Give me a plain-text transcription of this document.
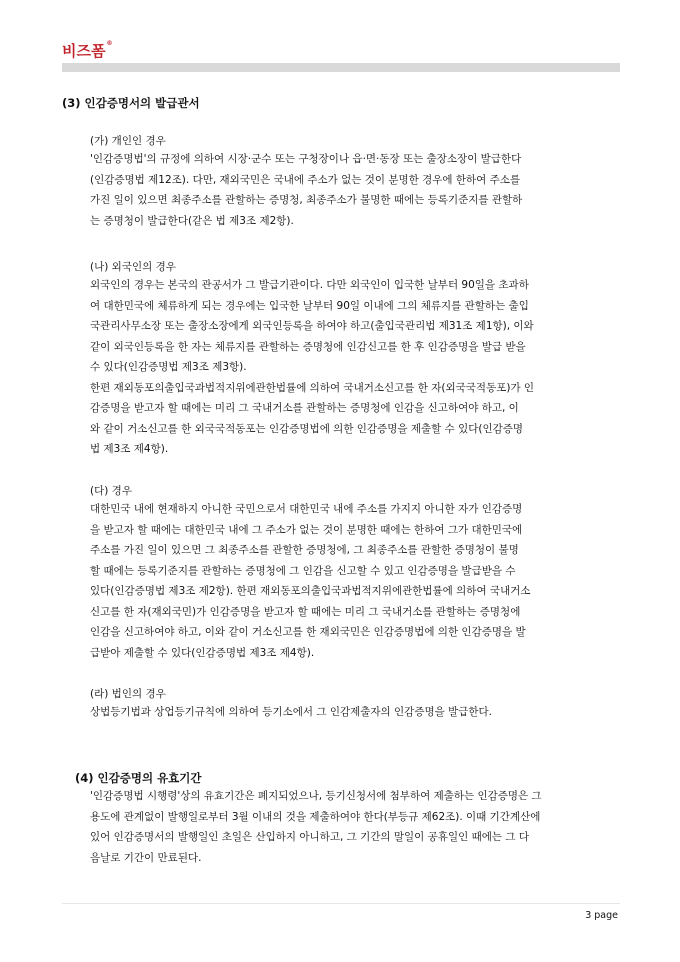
비즈폼®
(3) 인감증명서의 발급관서
(가) 개인인 경우
'인감증명법'의 규정에 의하여 시장·군수 또는 구청장이나 읍·면·동장 또는 출장소장이 발급한다
(인감증명법 제12조). 다만, 재외국민은 국내에 주소가 없는 것이 분명한 경우에 한하여 주소를
가진 일이 있으면 최종주소를 관할하는 증명청, 최종주소가 불명한 때에는 등록기준지를 관할하
는 증명청이 발급한다(같은 법 제3조 제2항).
(나) 외국인의 경우
외국인의 경우는 본국의 관공서가 그 발급기관이다. 다만 외국인이 입국한 날부터 90일을 초과하
여 대한민국에 체류하게 되는 경우에는 입국한 날부터 90일 이내에 그의 체류지를 관할하는 출입
국관리사무소장 또는 출장소장에게 외국인등록을 하여야 하고(출입국관리법 제31조 제1항), 이와
같이 외국인등록을 한 자는 체류지를 관할하는 증명청에 인감신고를 한 후 인감증명을 발급 받을
수 있다(인감증명법 제3조 제3항).
한편 재외동포의출입국과법적지위에관한법률에 의하여 국내거소신고를 한 자(외국국적동포)가 인
감증명을 받고자 할 때에는 미리 그 국내거소를 관할하는 증명청에 인감을 신고하여야 하고, 이
와 같이 거소신고를 한 외국국적동포는 인감증명법에 의한 인감증명을 제출할 수 있다(인감증명
법 제3조 제4항).
(다) 경우
대한민국 내에 현재하지 아니한 국민으로서 대한민국 내에 주소를 가지지 아니한 자가 인감증명
을 받고자 할 때에는 대한민국 내에 그 주소가 없는 것이 분명한 때에는 한하여 그가 대한민국에
주소를 가진 일이 있으면 그 최종주소를 관할한 증명청에, 그 최종주소를 관할한 증명청이 불명
할 때에는 등록기준지를 관할하는 증명청에 그 인감을 신고할 수 있고 인감증명을 발급받을 수
있다(인감증명법 제3조 제2항). 한편 재외동포의출입국과법적지위에관한법률에 의하여 국내거소
신고를 한 자(재외국민)가 인감증명을 받고자 할 때에는 미리 그 국내거소를 관할하는 증명청에
인감을 신고하여야 하고, 이와 같이 거소신고를 한 재외국민은 인감증명법에 의한 인감증명을 발
급받아 제출할 수 있다(인감증명법 제3조 제4항).
(라) 법인의 경우
상법등기법과 상업등기규칙에 의하여 등기소에서 그 인감제출자의 인감증명을 발급한다.
(4) 인감증명의 유효기간
'인감증명법 시행령'상의 유효기간은 폐지되었으나, 등기신청서에 첨부하여 제출하는 인감증명은 그
용도에 관계없이 발행일로부터 3월 이내의 것을 제출하여야 한다(부등규 제62조). 이때 기간계산에
있어 인감증명서의 발행일인 초일은 산입하지 아니하고, 그 기간의 말일이 공휴일인 때에는 그 다
음날로 기간이 만료된다.
3 page
